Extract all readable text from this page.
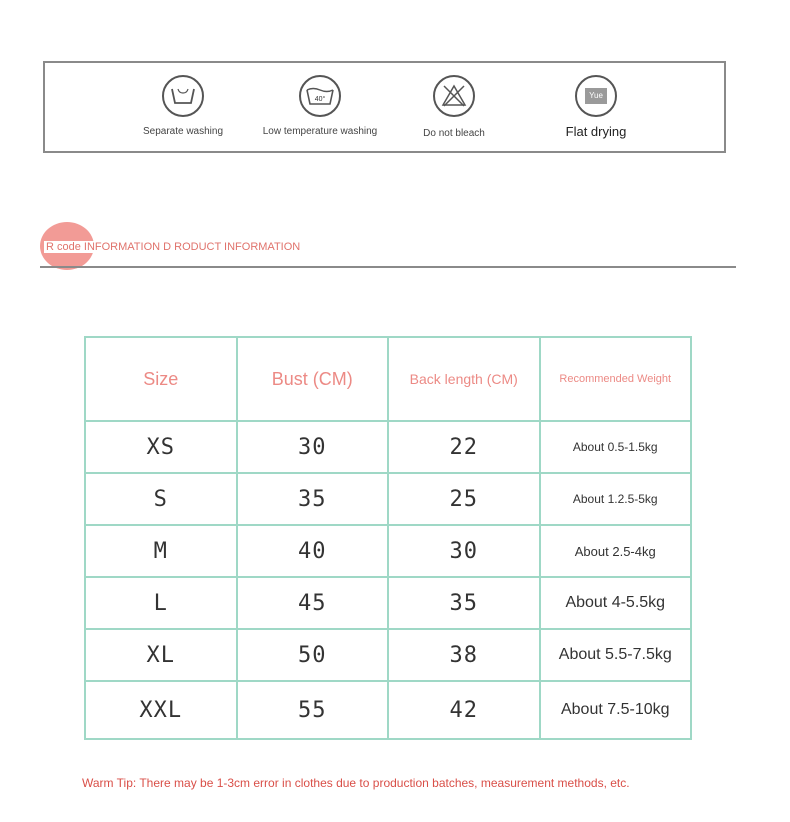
Separate washing
40°
Low temperature washing	Do not bleach
Yue
Flat drying
R code INFORMATION D RODUCT INFORMATION
Size	Bust (CM)	Back length (CM)	Recommended Weight
XS	30	22	About 0.5-1.5kg
S	35	25	About 1.2.5-5kg
M	40	30	About 2.5-4kg
L	45	35	About 4-5.5kg
XL	50	38	About 5.5-7.5kg
XXL	55	42	About 7.5-10kg
Warm Tip: There may be 1-3cm error in clothes due to production batches, measurement methods, etc.
